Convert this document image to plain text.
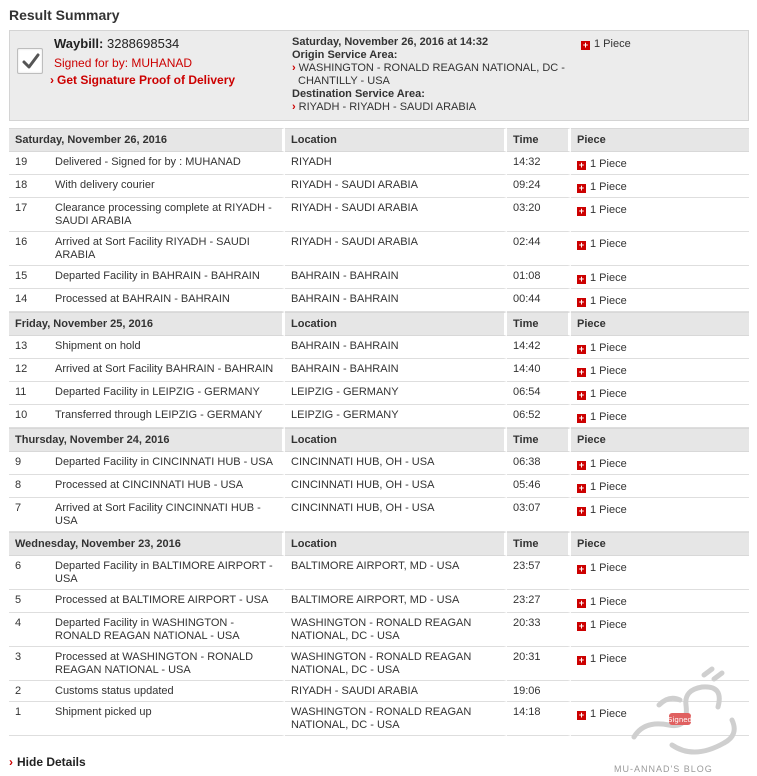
Result Summary
Waybill: 3288698534
Signed for by: MUHANAD
› Get Signature Proof of Delivery
Saturday, November 26, 2016 at 14:32
Origin Service Area:
› WASHINGTON - RONALD REAGAN NATIONAL, DC - CHANTILLY - USA
Destination Service Area:
› RIYADH - RIYADH - SAUDI ARABIA
+ 1 Piece
Saturday, November 26, 2016	Location	Time	Piece

19 Delivered - Signed for by : MUHANAD	RIYADH	14:32	+ 1 Piece

18 With delivery courier	RIYADH - SAUDI ARABIA	09:24	+ 1 Piece

17 Clearance processing complete at RIYADH - SAUDI ARABIA	RIYADH - SAUDI ARABIA	03:20	+ 1 Piece

16 Arrived at Sort Facility RIYADH - SAUDI ARABIA	RIYADH - SAUDI ARABIA	02:44	+ 1 Piece

15 Departed Facility in BAHRAIN - BAHRAIN	BAHRAIN - BAHRAIN	01:08	+ 1 Piece

14 Processed at BAHRAIN - BAHRAIN	BAHRAIN - BAHRAIN	00:44	+ 1 Piece
Friday, November 25, 2016	Location	Time	Piece

13 Shipment on hold	BAHRAIN - BAHRAIN	14:42	+ 1 Piece

12 Arrived at Sort Facility BAHRAIN - BAHRAIN	BAHRAIN - BAHRAIN	14:40	+ 1 Piece

11 Departed Facility in LEIPZIG - GERMANY	LEIPZIG - GERMANY	06:54	+ 1 Piece

10 Transferred through LEIPZIG - GERMANY	LEIPZIG - GERMANY	06:52	+ 1 Piece
Thursday, November 24, 2016	Location	Time	Piece

9 Departed Facility in CINCINNATI HUB - USA	CINCINNATI HUB, OH - USA	06:38	+ 1 Piece

8 Processed at CINCINNATI HUB - USA	CINCINNATI HUB, OH - USA	05:46	+ 1 Piece

7 Arrived at Sort Facility CINCINNATI HUB - USA	CINCINNATI HUB, OH - USA	03:07	+ 1 Piece
Wednesday, November 23, 2016	Location	Time	Piece

6 Departed Facility in BALTIMORE AIRPORT - USA	BALTIMORE AIRPORT, MD - USA	23:57	+ 1 Piece

5 Processed at BALTIMORE AIRPORT - USA	BALTIMORE AIRPORT, MD - USA	23:27	+ 1 Piece

4 Departed Facility in WASHINGTON - RONALD REAGAN NATIONAL - USA	WASHINGTON - RONALD REAGAN NATIONAL, DC - USA	20:33	+ 1 Piece

3 Processed at WASHINGTON - RONALD REAGAN NATIONAL - USA	WASHINGTON - RONALD REAGAN NATIONAL, DC - USA	20:31	+ 1 Piece

2 Customs status updated	RIYADH - SAUDI ARABIA	19:06	

1 Shipment picked up	WASHINGTON - RONALD REAGAN NATIONAL, DC - USA	14:18	+ 1 Piece
› Hide Details
Signed
MU-ANNAD'S BLOG
